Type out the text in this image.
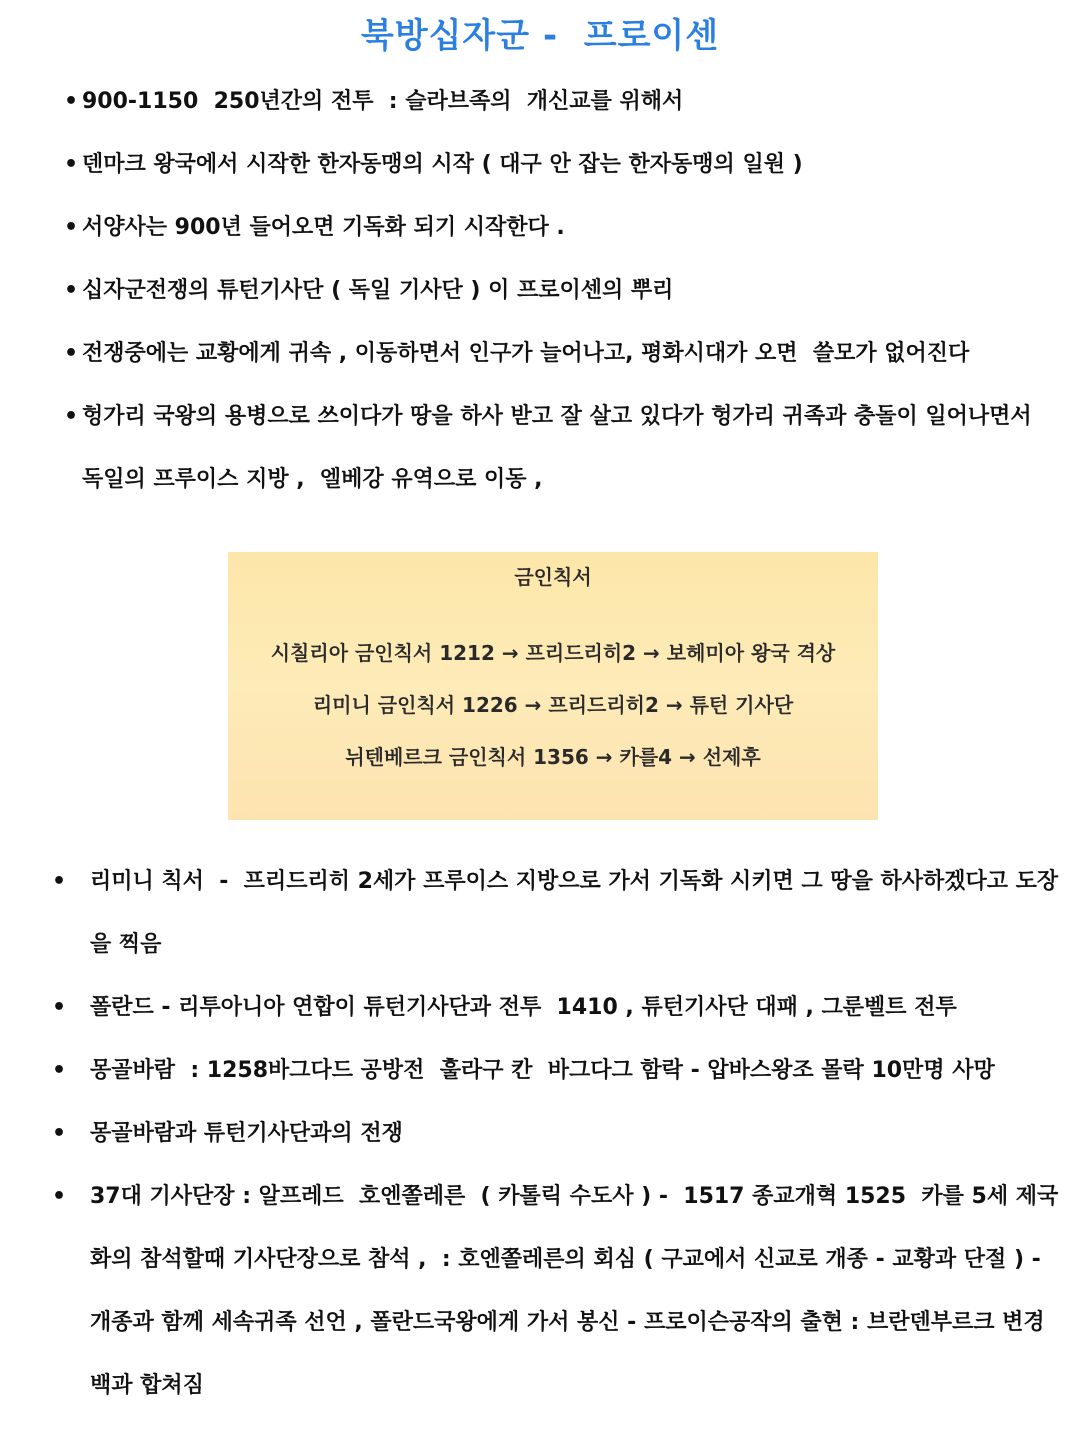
북방십자군 -  프로이센
• 900-1150  250년간의 전투  : 슬라브족의  개신교를 위해서
• 덴마크 왕국에서 시작한 한자동맹의 시작 ( 대구 안 잡는 한자동맹의 일원 )
• 서양사는 900년 들어오면 기독화 되기 시작한다 .
• 십자군전쟁의 튜턴기사단 ( 독일 기사단 ) 이 프로이센의 뿌리
• 전쟁중에는 교황에게 귀속 , 이동하면서 인구가 늘어나고, 평화시대가 오면  쓸모가 없어진다
• 헝가리 국왕의 용병으로 쓰이다가 땅을 하사 받고 잘 살고 있다가 헝가리 귀족과 충돌이 일어나면서 독일의 프루이스 지방 ,  엘베강 유역으로 이동 ,
금인칙서
시칠리아 금인칙서 1212 → 프리드리히2 → 보헤미아 왕국 격상
리미니 금인칙서 1226 → 프리드리히2 → 튜턴 기사단
뉘텐베르크 금인칙서 1356 → 카를4 → 선제후
• 리미니 칙서  -  프리드리히 2세가 프루이스 지방으로 가서 기독화 시키면 그 땅을 하사하겠다고 도장을 찍음
• 폴란드 - 리투아니아 연합이 튜턴기사단과 전투  1410 , 튜턴기사단 대패 , 그룬벨트 전투
• 몽골바람  : 1258바그다드 공방전  훌라구 칸  바그다그 함락 - 압바스왕조 몰락 10만명 사망
• 몽골바람과 튜턴기사단과의 전쟁
• 37대 기사단장 : 알프레드  호엔쫄레른  ( 카톨릭 수도사 ) -  1517 종교개혁 1525  카를 5세 제국화의 참석할때 기사단장으로 참석 ,  : 호엔쫄레른의 회심 ( 구교에서 신교로 개종 - 교황과 단절 ) -  개종과 함께 세속귀족 선언 , 폴란드국왕에게 가서 봉신 - 프로이슨공작의 출현 : 브란덴부르크 변경백과 합쳐짐
